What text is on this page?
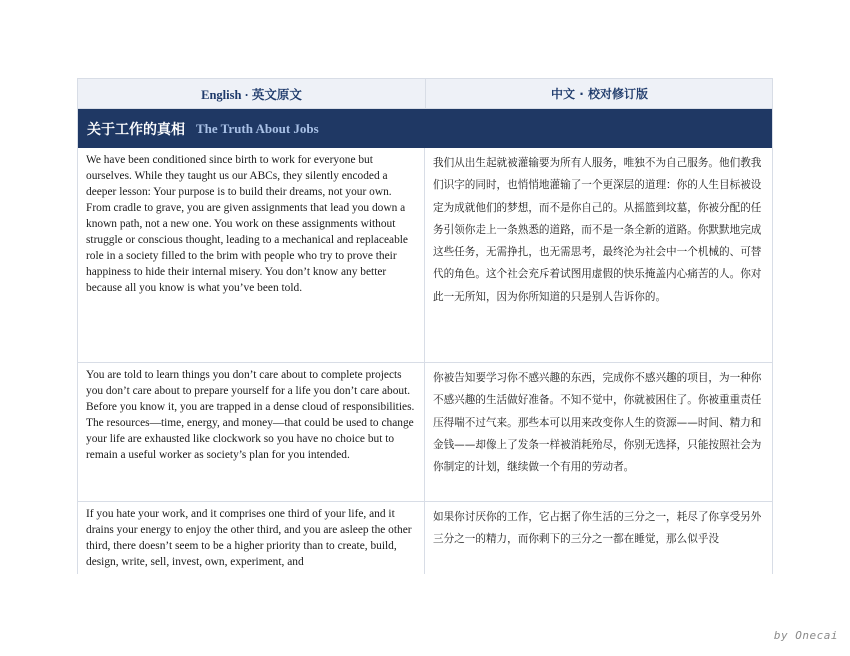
English · 英文原文	中文 · 校对修订版
关于工作的真相 The Truth About Jobs
We have been conditioned since birth to work for everyone but ourselves. While they taught us our ABCs, they silently encoded a deeper lesson: Your purpose is to build their dreams, not your own. From cradle to grave, you are given assignments that lead you down a known path, not a new one. You work on these assignments without struggle or conscious thought, leading to a mechanical and replaceable role in a society filled to the brim with people who try to prove their happiness to hide their internal misery. You don’t know any better because all you know is what you’ve been told.
我们从出生起就被灌输要为所有人服务，唯独不为自己服务。他们教我们识字的同时，也悄悄地灌输了一个更深层的道理：你的人生目标被设定为成就他们的梦想，而不是你自己的。从摇篮到坟墓，你被分配的任务引领你走上一条熟悉的道路，而不是一条全新的道路。你默默地完成这些任务，无需挣扎，也无需思考，最终沦为社会中一个机械的、可替代的角色。这个社会充斥着试图用虚假的快乐掩盖内心痛苦的人。你对此一无所知，因为你所知道的只是别人告诉你的。
You are told to learn things you don’t care about to complete projects you don’t care about to prepare yourself for a life you don’t care about. Before you know it, you are trapped in a dense cloud of responsibilities. The resources—time, energy, and money—that could be used to change your life are exhausted like clockwork so you have no choice but to remain a useful worker as society’s plan for you intended.
你被告知要学习你不感兴趣的东西，完成你不感兴趣的项目，为一种你不感兴趣的生活做好准备。不知不觉中，你就被困住了。你被重重责任压得喘不过气来。那些本可以用来改变你人生的资源——时间、精力和金钱——却像上了发条一样被消耗殆尽，你别无选择，只能按照社会为你制定的计划，继续做一个有用的劳动者。
If you hate your work, and it comprises one third of your life, and it drains your energy to enjoy the other third, and you are asleep the other third, there doesn’t seem to be a higher priority than to create, build, design, write, sell, invest, own, experiment, and
如果你讨厌你的工作，它占据了你生活的三分之一，耗尽了你享受另外三分之一的精力，而你剩下的三分之一都在睡觉，那么似乎没
by Onecai
